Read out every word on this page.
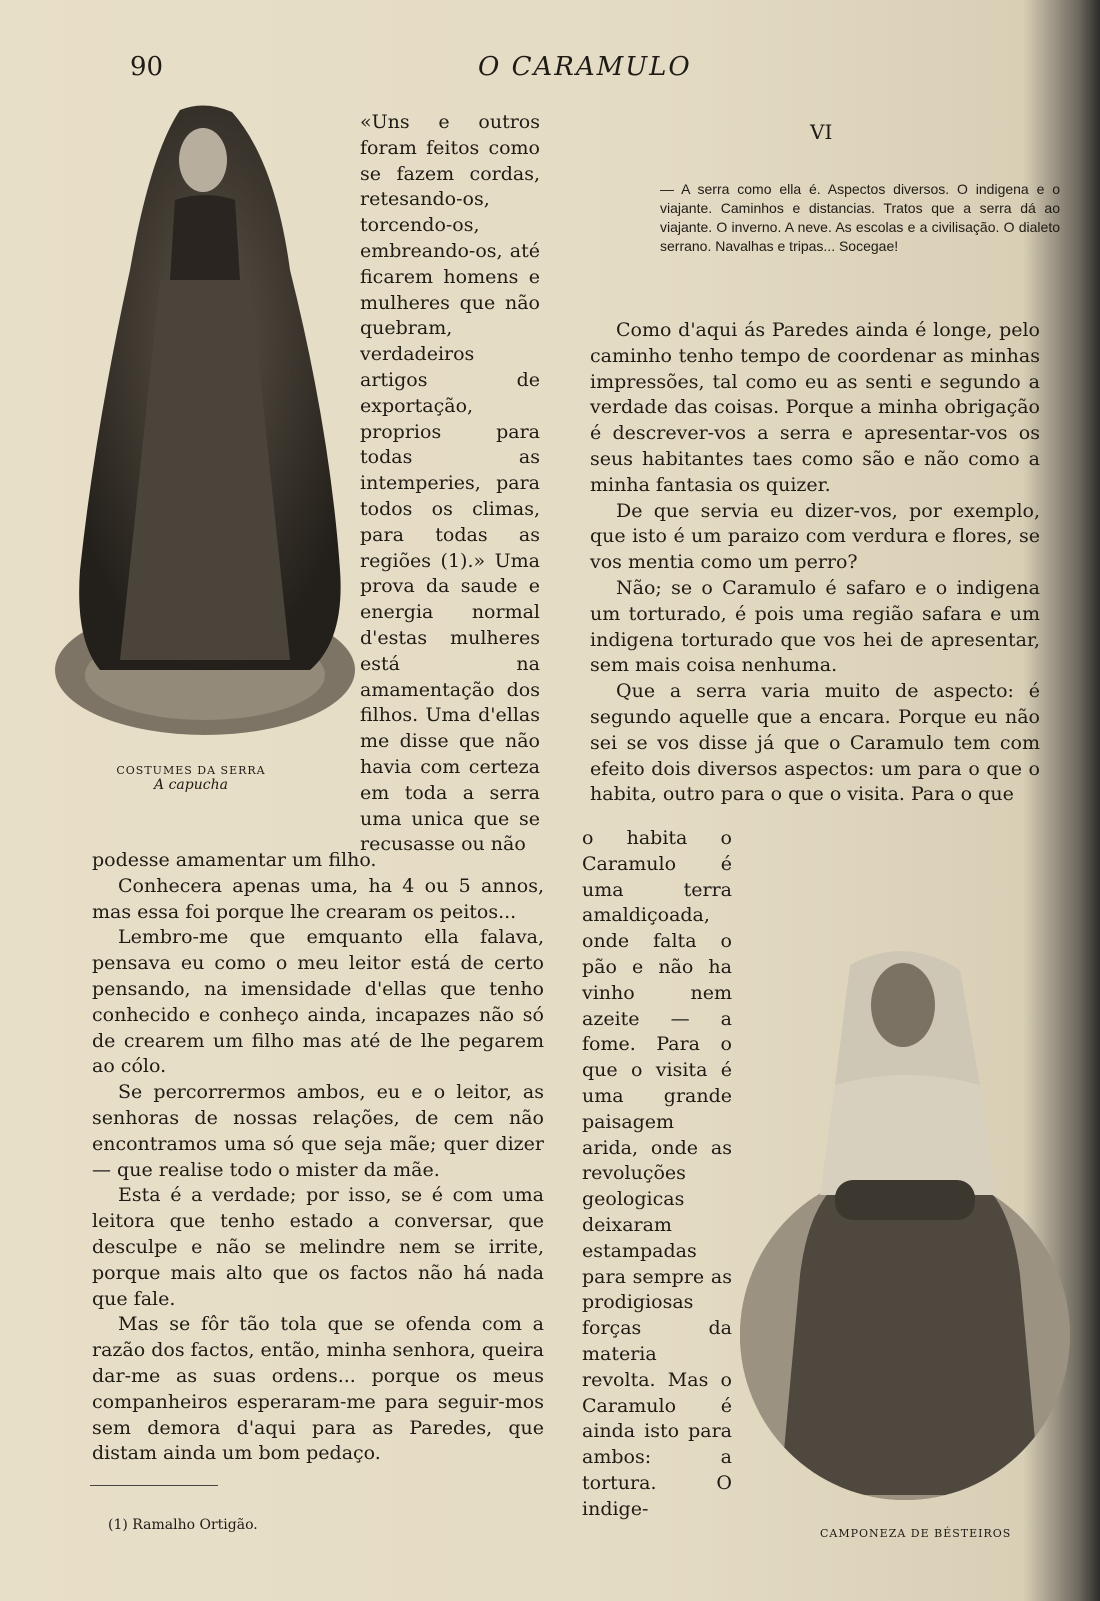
90	O CARAMULO
COSTUMES DA SERRA
A capucha
«Uns e outros foram feitos como se fazem cordas, retesando-os, torcendo-os, embreando-os, até ficarem homens e mulheres que não quebram, verdadeiros artigos de exportação, proprios para todas as intemperies, para todos os climas, para todas as regiões (1).» Uma prova da saude e energia normal d'estas mulheres está na amamentação dos filhos. Uma d'ellas me disse que não havia com certeza em toda a serra uma unica que se recusasse ou não

podesse amamentar um filho.

Conhecera apenas uma, ha 4 ou 5 annos, mas essa foi porque lhe crearam os peitos...

Lembro-me que emquanto ella falava, pensava eu como o meu leitor está de certo pensando, na imensidade d'ellas que tenho conhecido e conheço ainda, incapazes não só de crearem um filho mas até de lhe pegarem ao cólo.

Se percorrermos ambos, eu e o leitor, as senhoras de nossas relações, de cem não encontramos uma só que seja mãe; quer dizer — que realise todo o mister da mãe.

Esta é a verdade; por isso, se é com uma leitora que tenho estado a conversar, que desculpe e não se melindre nem se irrite, porque mais alto que os factos não há nada que fale.

Mas se fôr tão tola que se ofenda com a razão dos factos, então, minha senhora, queira dar-me as suas ordens... porque os meus companheiros esperaram-me para seguir-mos sem demora d'aqui para as Paredes, que distam ainda um bom pedaço.

(1) Ramalho Ortigão.
VI
— A serra como ella é. Aspectos diversos. O indigena e o viajante. Caminhos e distancias. Tratos que a serra dá ao viajante. O inverno. A neve. As escolas e a civilisação. O dialeto serrano. Navalhas e tripas... Socegae!

Como d'aqui ás Paredes ainda é longe, pelo caminho tenho tempo de coordenar as minhas impressões, tal como eu as senti e segundo a verdade das coisas. Porque a minha obrigação é descrever-vos a serra e apresentar-vos os seus habitantes taes como são e não como a minha fantasia os quizer.

De que servia eu dizer-vos, por exemplo, que isto é um paraizo com verdura e flores, se vos mentia como um perro?

Não; se o Caramulo é safaro e o indigena um torturado, é pois uma região safara e um indigena torturado que vos hei de apresentar, sem mais coisa nenhuma.

Que a serra varia muito de aspecto: é segundo aquelle que a encara. Porque eu não sei se vos disse já que o Caramulo tem com efeito dois diversos aspectos: um para o que o habita, outro para o que o visita. Para o que

o habita o Caramulo é uma terra amaldiçoada, onde falta o pão e não ha vinho nem azeite — a fome. Para o que o visita é uma grande paisagem arida, onde as revoluções geologicas deixaram estampadas para sempre as prodigiosas forças da materia revolta. Mas o Caramulo é ainda isto para ambos: a tortura. O indige-
CAMPONEZA DE BÉSTEIROS
